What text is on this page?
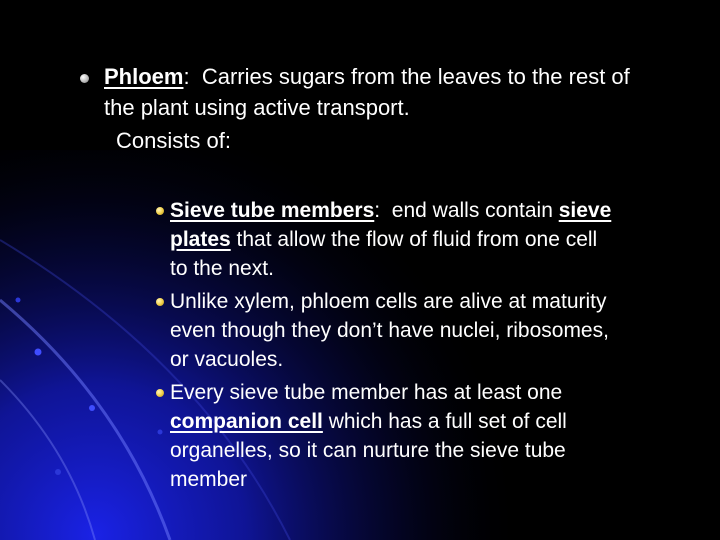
Phloem:  Carries sugars from the leaves to the rest of
the plant using active transport.
Consists of:
Sieve tube members:  end walls contain sieve
plates that allow the flow of fluid from one cell
to the next.
Unlike xylem, phloem cells are alive at maturity
even though they don’t have nuclei, ribosomes,
or vacuoles.
Every sieve tube member has at least one
companion cell which has a full set of cell
organelles, so it can nurture the sieve tube
member
